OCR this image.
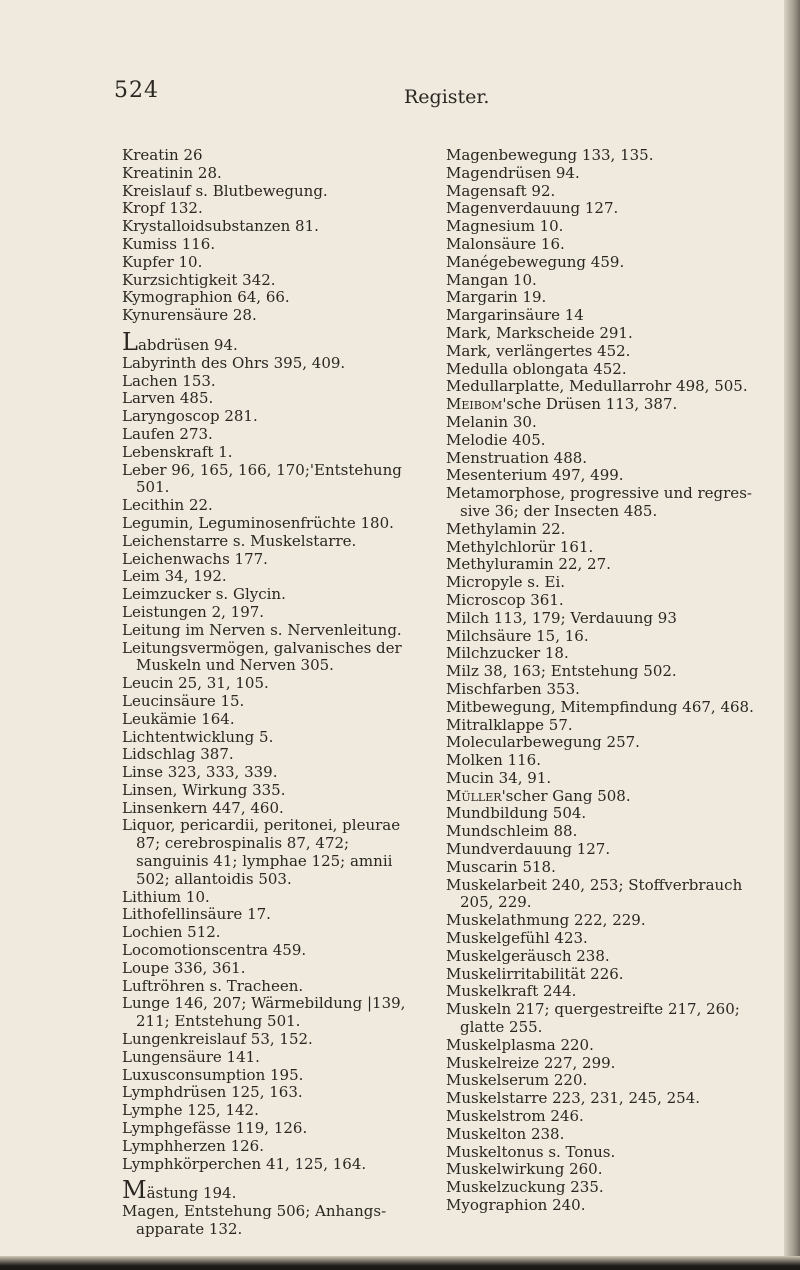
524	Register.
Kreatin 26
Kreatinin 28.
Kreislauf s. Blutbewegung.
Kropf 132.
Krystalloidsubstanzen 81.
Kumiss 116.
Kupfer 10.
Kurzsichtigkeit 342.
Kymographion 64, 66.
Kynurensäure 28.
Labdrüsen 94.
Labyrinth des Ohrs 395, 409.
Lachen 153.
Larven 485.
Laryngoscop 281.
Laufen 273.
Lebenskraft 1.
Leber 96, 165, 166, 170;'Entstehung 501.
Lecithin 22.
Legumin, Leguminosenfrüchte 180.
Leichenstarre s. Muskelstarre.
Leichenwachs 177.
Leim 34, 192.
Leimzucker s. Glycin.
Leistungen 2, 197.
Leitung im Nerven s. Nervenleitung.
Leitungsvermögen, galvanisches der Muskeln und Nerven 305.
Leucin 25, 31, 105.
Leucinsäure 15.
Leukämie 164.
Lichtentwicklung 5.
Lidschlag 387.
Linse 323, 333, 339.
Linsen, Wirkung 335.
Linsenkern 447, 460.
Liquor, pericardii, peritonei, pleurae 87; cerebrospinalis 87, 472; sanguinis 41; lymphae 125; amnii 502; allantoidis 503.
Lithium 10.
Lithofellinsäure 17.
Lochien 512.
Locomotionscentra 459.
Loupe 336, 361.
Luftröhren s. Tracheen.
Lunge 146, 207; Wärmebildung |139, 211; Entstehung 501.
Lungenkreislauf 53, 152.
Lungensäure 141.
Luxusconsumption 195.
Lymphdrüsen 125, 163.
Lymphe 125, 142.
Lymphgefässe 119, 126.
Lymphherzen 126.
Lymphkörperchen 41, 125, 164.
Mästung 194.
Magen, Entstehung 506; Anhangs-apparate 132.
Magenbewegung 133, 135.
Magendrüsen 94.
Magensaft 92.
Magenverdauung 127.
Magnesium 10.
Malonsäure 16.
Manégebewegung 459.
Mangan 10.
Margarin 19.
Margarinsäure 14
Mark, Markscheide 291.
Mark, verlängertes 452.
Medulla oblongata 452.
Medullarplatte, Medullarrohr 498, 505.
Meibom'sche Drüsen 113, 387.
Melanin 30.
Melodie 405.
Menstruation 488.
Mesenterium 497, 499.
Metamorphose, progressive und regres-sive 36; der Insecten 485.
Methylamin 22.
Methylchlorür 161.
Methyluramin 22, 27.
Micropyle s. Ei.
Microscop 361.
Milch 113, 179; Verdauung 93
Milchsäure 15, 16.
Milchzucker 18.
Milz 38, 163; Entstehung 502.
Mischfarben 353.
Mitbewegung, Mitempfindung 467, 468.
Mitralklappe 57.
Molecularbewegung 257.
Molken 116.
Mucin 34, 91.
Müller'scher Gang 508.
Mundbildung 504.
Mundschleim 88.
Mundverdauung 127.
Muscarin 518.
Muskelarbeit 240, 253; Stoffverbrauch 205, 229.
Muskelathmung 222, 229.
Muskelgefühl 423.
Muskelgeräusch 238.
Muskelirritabilität 226.
Muskelkraft 244.
Muskeln 217; quergestreifte 217, 260; glatte 255.
Muskelplasma 220.
Muskelreize 227, 299.
Muskelserum 220.
Muskelstarre 223, 231, 245, 254.
Muskelstrom 246.
Muskelton 238.
Muskeltonus s. Tonus.
Muskelwirkung 260.
Muskelzuckung 235.
Myographion 240.
